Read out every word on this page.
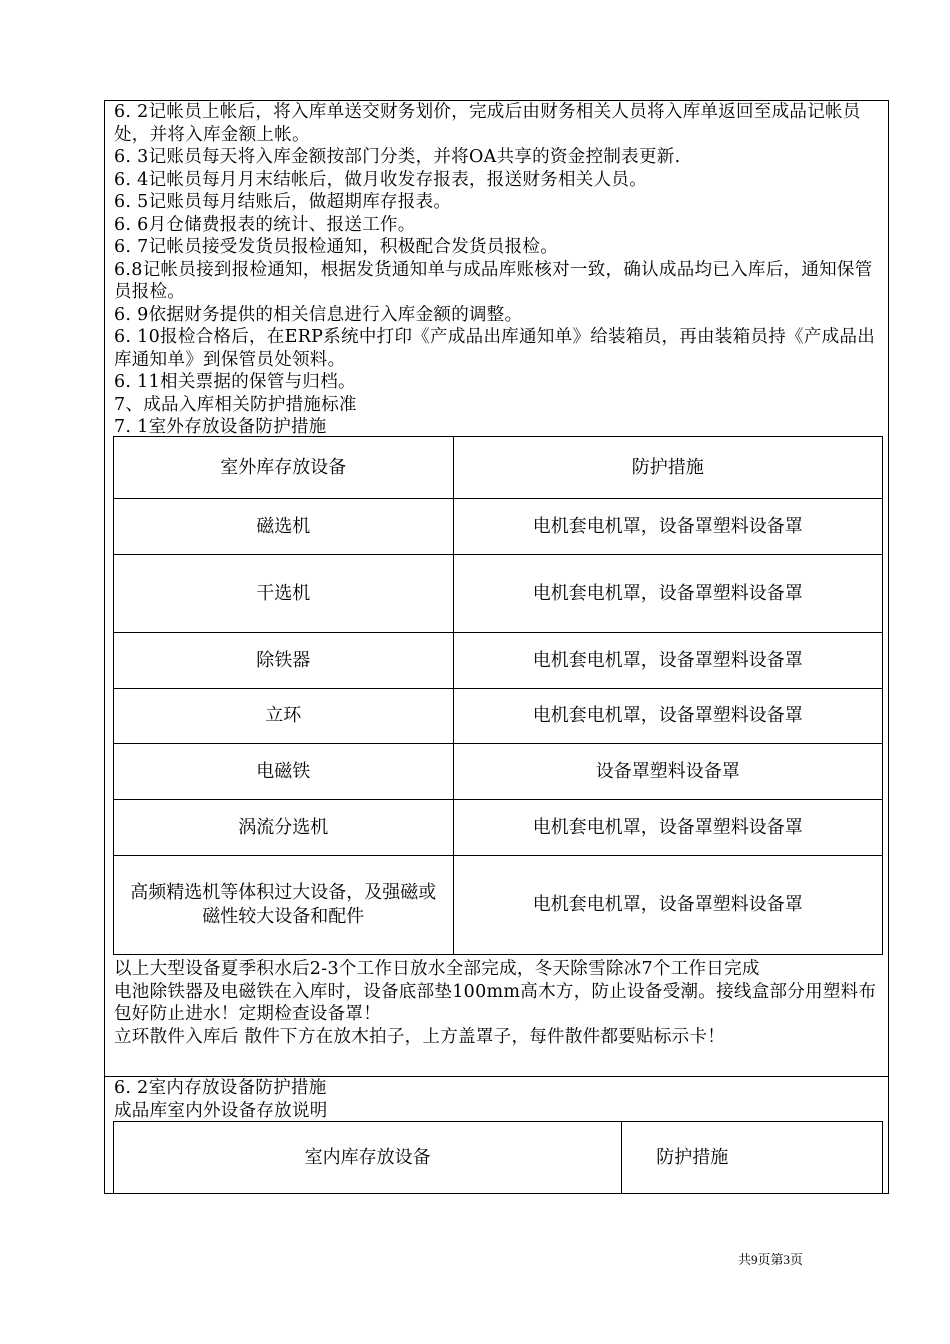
6. 2记帐员上帐后，将入库单送交财务划价，完成后由财务相关人员将入库单返回至成品记帐员处，并将入库金额上帐。
6. 3记账员每天将入库金额按部门分类，并将OA共享的资金控制表更新.
6. 4记帐员每月月末结帐后，做月收发存报表，报送财务相关人员。
6. 5记账员每月结账后，做超期库存报表。
6. 6月仓储费报表的统计、报送工作。
6. 7记帐员接受发货员报检通知，积极配合发货员报检。
6.8记帐员接到报检通知，根据发货通知单与成品库账核对一致，确认成品均已入库后，通知保管员报检。
6. 9依据财务提供的相关信息进行入库金额的调整。
6. 10报检合格后，在ERP系统中打印《产成品出库通知单》给装箱员，再由装箱员持《产成品出库通知单》到保管员处领料。
6. 11相关票据的保管与归档。
7、成品入库相关防护措施标准
7. 1室外存放设备防护措施
室外库存放设备	防护措施
磁选机	电机套电机罩，设备罩塑料设备罩
干选机	电机套电机罩，设备罩塑料设备罩
除铁器	电机套电机罩，设备罩塑料设备罩
立环	电机套电机罩，设备罩塑料设备罩
电磁铁	设备罩塑料设备罩
涡流分选机	电机套电机罩，设备罩塑料设备罩
高频精选机等体积过大设备，及强磁或磁性较大设备和配件	电机套电机罩，设备罩塑料设备罩
以上大型设备夏季积水后2-3个工作日放水全部完成，冬天除雪除冰7个工作日完成
电池除铁器及电磁铁在入库时，设备底部垫100mm高木方，防止设备受潮。接线盒部分用塑料布包好防止进水！定期检查设备罩！
立环散件入库后 散件下方在放木拍子，上方盖罩子，每件散件都要贴标示卡！
6. 2室内存放设备防护措施
成品库室内外设备存放说明
室内库存放设备	防护措施
共9页第3页
